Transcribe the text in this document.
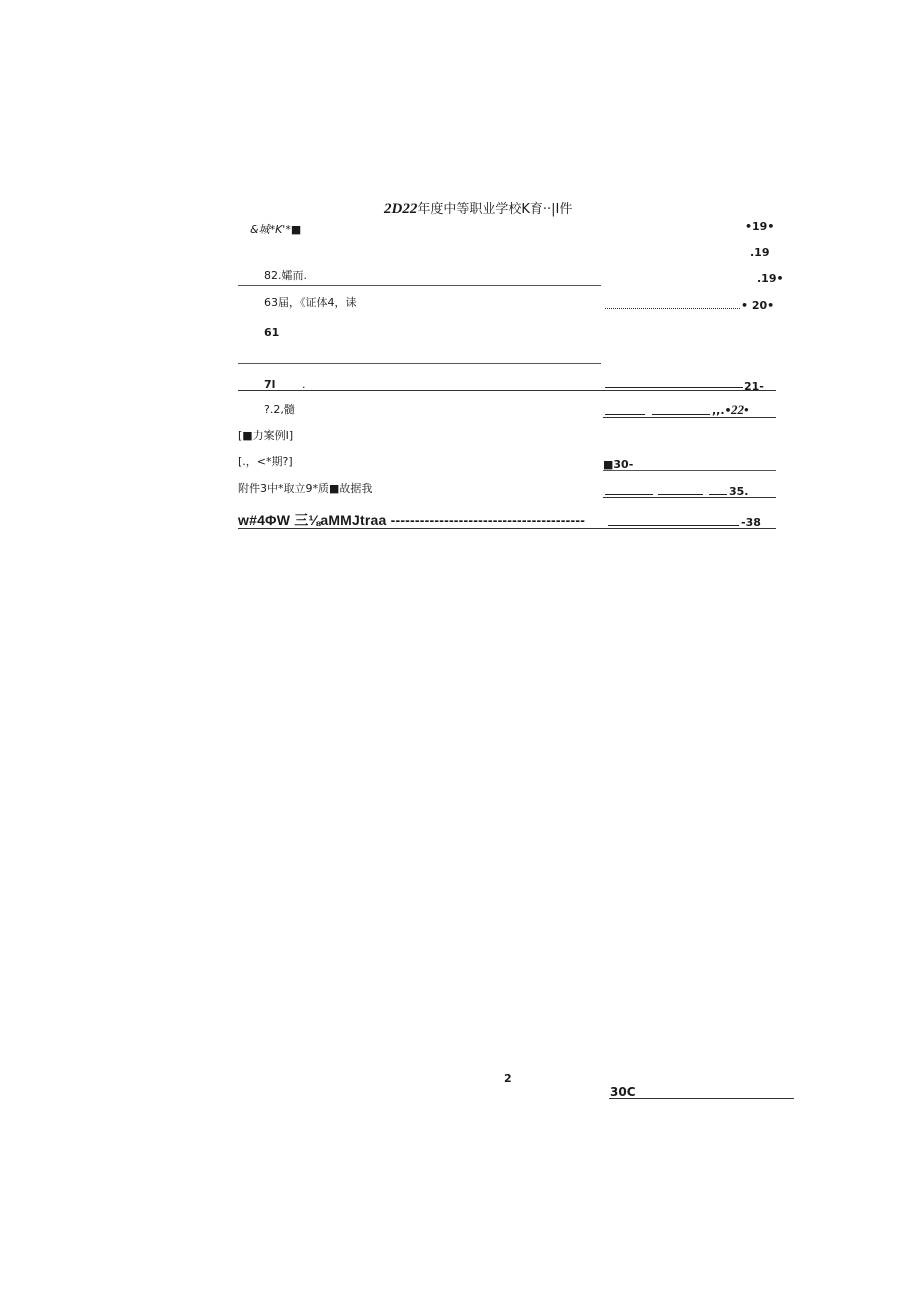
2D22年度中等职业学校K育··|I件
&城*K'*■
82.孀而.
63届，《证体4，诔
61
7l .
?.2,髓
[■力案例I]
[.，<*期?]
附件3中*取立9*质■故据我
w#4ΦW 三⅛aMMJtraa ----------------------------------------
•19•
.19
.19•
• 20•
21-
,,.• 22•
■30-
35.
-38
2
30C
